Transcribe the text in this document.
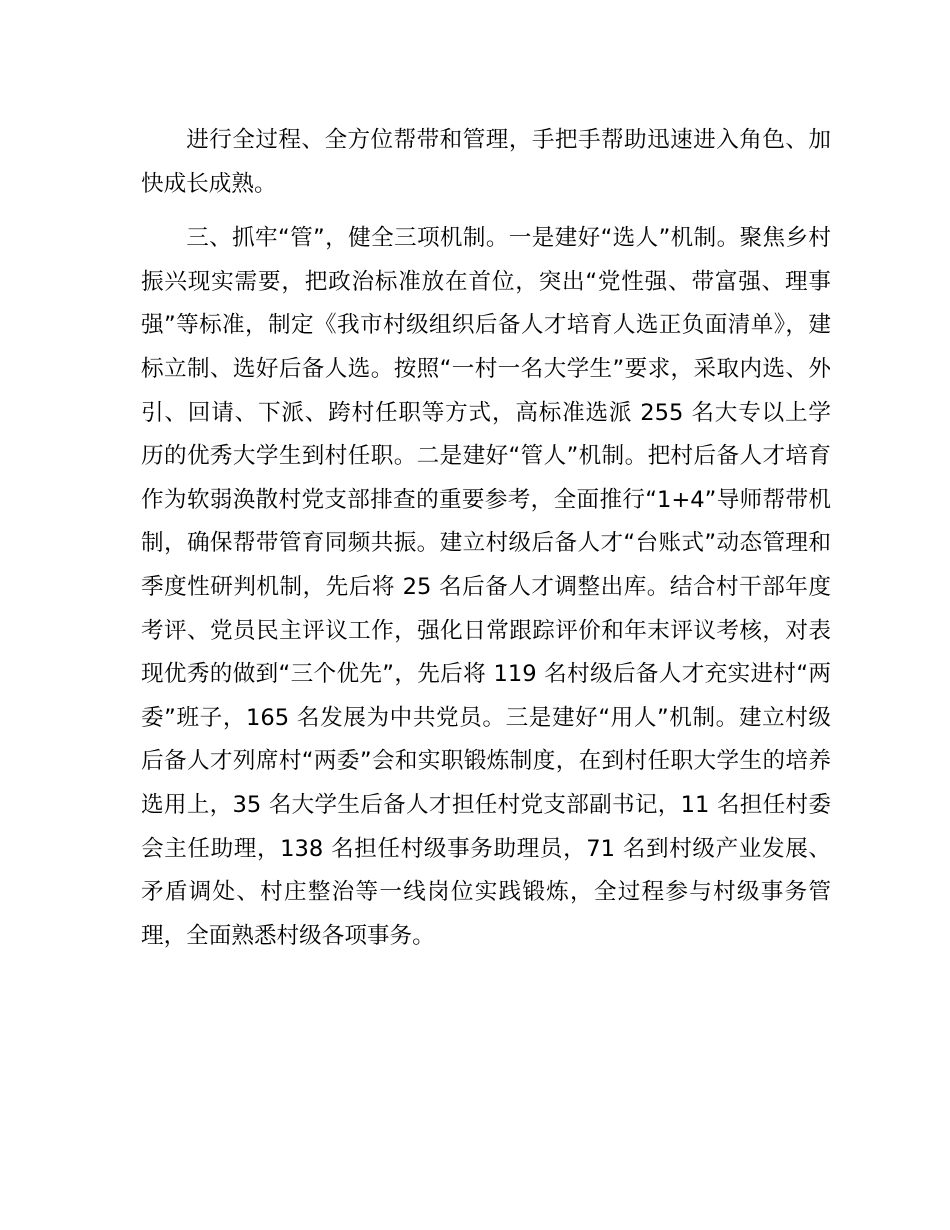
进行全过程、全方位帮带和管理，手把手帮助迅速进入角色、加快成长成熟。

三、抓牢“管”，健全三项机制。一是建好“选人”机制。聚焦乡村振兴现实需要，把政治标准放在首位，突出“党性强、带富强、理事强”等标准，制定《我市村级组织后备人才培育人选正负面清单》，建标立制、选好后备人选。按照“一村一名大学生”要求，采取内选、外引、回请、下派、跨村任职等方式，高标准选派 255 名大专以上学历的优秀大学生到村任职。二是建好“管人”机制。把村后备人才培育作为软弱涣散村党支部排查的重要参考，全面推行“1+4”导师帮带机制，确保帮带管育同频共振。建立村级后备人才“台账式”动态管理和季度性研判机制，先后将 25 名后备人才调整出库。结合村干部年度考评、党员民主评议工作，强化日常跟踪评价和年末评议考核，对表现优秀的做到“三个优先”，先后将 119 名村级后备人才充实进村“两委”班子，165 名发展为中共党员。三是建好“用人”机制。建立村级后备人才列席村“两委”会和实职锻炼制度，在到村任职大学生的培养选用上，35 名大学生后备人才担任村党支部副书记，11 名担任村委会主任助理，138 名担任村级事务助理员，71 名到村级产业发展、矛盾调处、村庄整治等一线岗位实践锻炼，全过程参与村级事务管理，全面熟悉村级各项事务。
